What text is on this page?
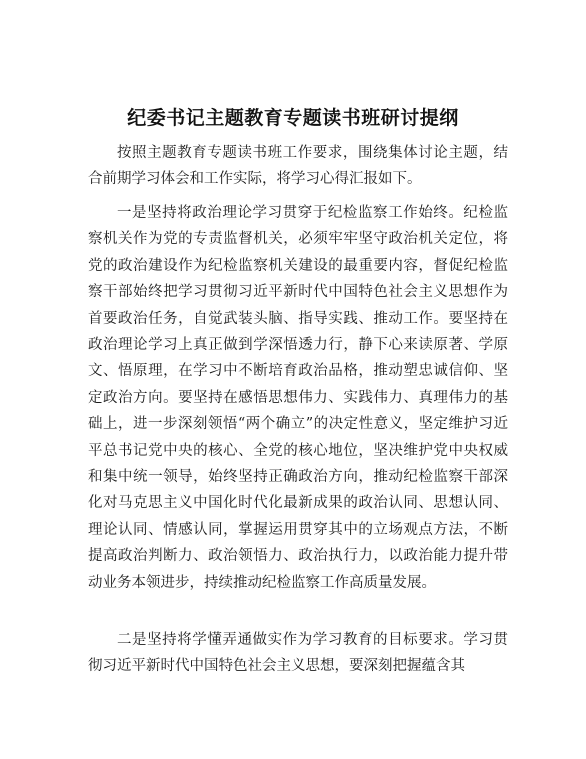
纪委书记主题教育专题读书班研讨提纲

按照主题教育专题读书班工作要求，围绕集体讨论主题，结合前期学习体会和工作实际，将学习心得汇报如下。

一是坚持将政治理论学习贯穿于纪检监察工作始终。纪检监察机关作为党的专责监督机关，必须牢牢坚守政治机关定位，将党的政治建设作为纪检监察机关建设的最重要内容，督促纪检监察干部始终把学习贯彻习近平新时代中国特色社会主义思想作为首要政治任务，自觉武装头脑、指导实践、推动工作。要坚持在政治理论学习上真正做到学深悟透力行，静下心来读原著、学原文、悟原理，在学习中不断培育政治品格，推动塑忠诚信仰、坚定政治方向。要坚持在感悟思想伟力、实践伟力、真理伟力的基础上，进一步深刻领悟“两个确立”的决定性意义，坚定维护习近平总书记党中央的核心、全党的核心地位，坚决维护党中央权威和集中统一领导，始终坚持正确政治方向，推动纪检监察干部深化对马克思主义中国化时代化最新成果的政治认同、思想认同、理论认同、情感认同，掌握运用贯穿其中的立场观点方法，不断提高政治判断力、政治领悟力、政治执行力，以政治能力提升带动业务本领进步，持续推动纪检监察工作高质量发展。

二是坚持将学懂弄通做实作为学习教育的目标要求。学习贯彻习近平新时代中国特色社会主义思想，要深刻把握蕴含其
